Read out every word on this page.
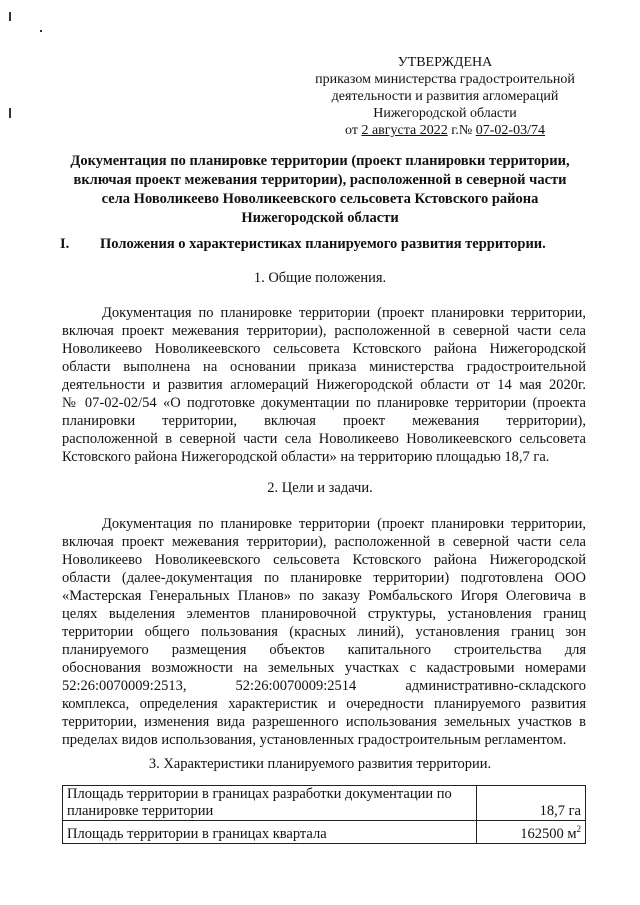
УТВЕРЖДЕНА
приказом министерства градостроительной
деятельности и развития агломераций
Нижегородской области
от 2 августа 2022 г.№ 07-02-03/74
Документация по планировке территории (проект планировки территории,
включая проект межевания территории), расположенной в северной части
села Новоликеево Новоликеевского сельсовета Кстовского района
Нижегородской области
I. Положения о характеристиках планируемого развития территории.
1. Общие положения.
Документация по планировке территории (проект планировки территории,
включая проект межевания территории), расположенной в северной части села
Новоликеево Новоликеевского сельсовета Кстовского района Нижегородской
области выполнена на основании приказа министерства градостроительной
деятельности и развития агломераций Нижегородской области от 14 мая 2020г.
№ 07-02-02/54 «О подготовке документации по планировке территории (проекта
планировки территории, включая проект межевания территории),
расположенной в северной части села Новоликеево Новоликеевского сельсовета
Кстовского района Нижегородской области» на территорию площадью 18,7 га.
2. Цели и задачи.
Документация по планировке территории (проект планировки территории,
включая проект межевания территории), расположенной в северной части села
Новоликеево Новоликеевского сельсовета Кстовского района Нижегородской
области (далее-документация по планировке территории) подготовлена ООО
«Мастерская Генеральных Планов» по заказу Ромбальского Игоря Олеговича в
целях выделения элементов планировочной структуры, установления границ
территории общего пользования (красных линий), установления границ зон
планируемого размещения объектов капитального строительства для
обоснования возможности на земельных участках с кадастровыми номерами
52:26:0070009:2513, 52:26:0070009:2514 административно-складского
комплекса, определения характеристик и очередности планируемого развития
территории, изменения вида разрешенного использования земельных участков в
пределах видов использования, установленных градостроительным регламентом.
3. Характеристики планируемого развития территории.
Площадь территории в границах разработки документации по
планировке территории	18,7 га
Площадь территории в границах квартала	162500 $м^2$
